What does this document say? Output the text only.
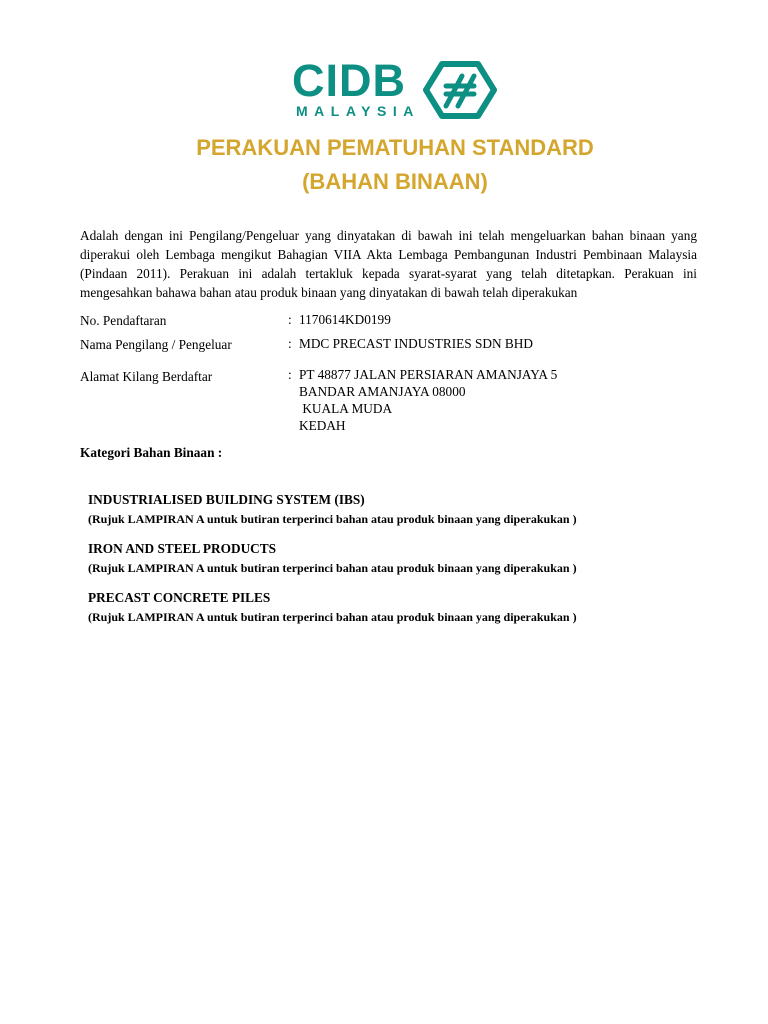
CIDB
MALAYSIA
PERAKUAN PEMATUHAN STANDARD
(BAHAN BINAAN)
Adalah dengan ini Pengilang/Pengeluar yang dinyatakan di bawah ini telah mengeluarkan bahan binaan yang diperakui oleh Lembaga mengikut Bahagian VIIA Akta Lembaga Pembangunan Industri Pembinaan Malaysia (Pindaan 2011). Perakuan ini adalah tertakluk kepada syarat-syarat yang telah ditetapkan. Perakuan ini mengesahkan bahawa bahan atau produk binaan yang dinyatakan di bawah telah diperakukan
No. Pendaftaran	: 1170614KD0199
Nama Pengilang / Pengeluar	: MDC PRECAST INDUSTRIES SDN BHD
Alamat Kilang Berdaftar	: PT 48877 JALAN PERSIARAN AMANJAYA 5
BANDAR AMANJAYA 08000
KUALA MUDA
KEDAH
Kategori Bahan Binaan :
INDUSTRIALISED BUILDING SYSTEM (IBS)
(Rujuk LAMPIRAN A untuk butiran terperinci bahan atau produk binaan yang diperakukan )
IRON AND STEEL PRODUCTS
(Rujuk LAMPIRAN A untuk butiran terperinci bahan atau produk binaan yang diperakukan )
PRECAST CONCRETE PILES
(Rujuk LAMPIRAN A untuk butiran terperinci bahan atau produk binaan yang diperakukan )
